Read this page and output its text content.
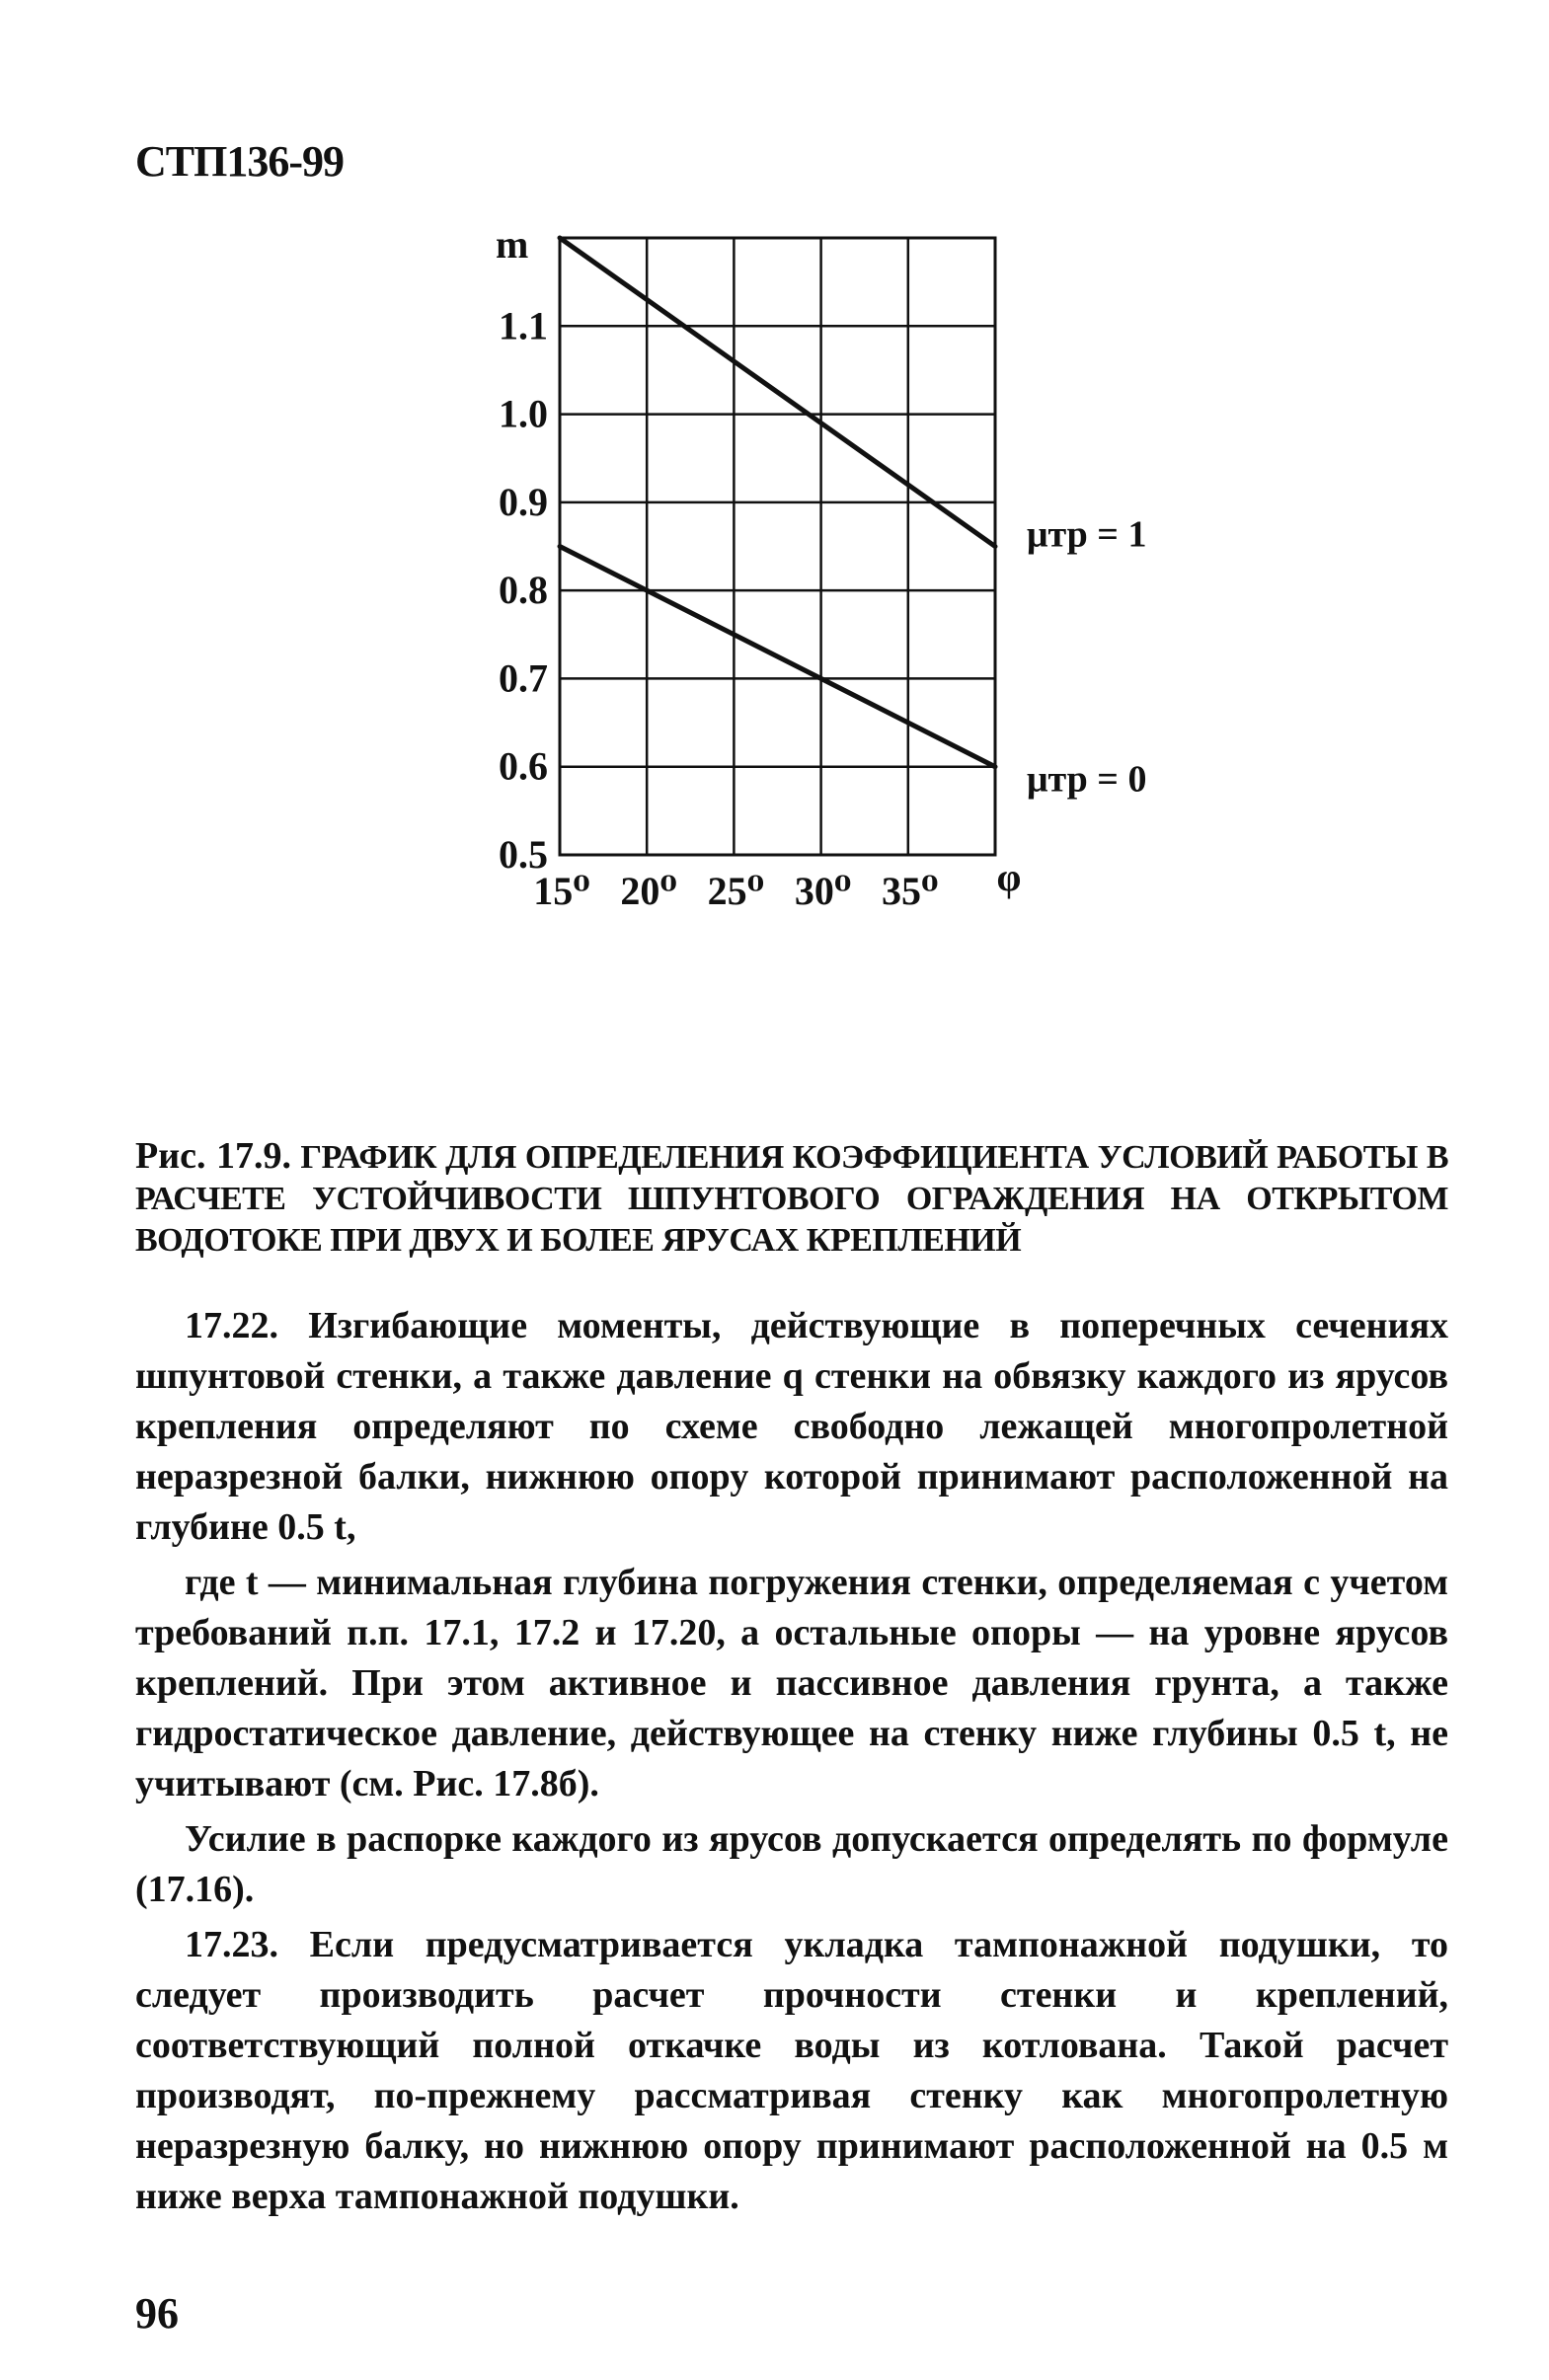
СТП136-99
1.1
1.0
0.9
0.8
0.7
0.6
0.5
m
15⁰ 20⁰ 25⁰ 30⁰ 35⁰ φ
μтр = 1
μтр = 0
Рис. 17.9. ГРАФИК ДЛЯ ОПРЕДЕЛЕНИЯ КОЭФФИЦИЕНТА УСЛОВИЙ РАБОТЫ В РАСЧЕТЕ УСТОЙЧИВОСТИ ШПУНТОВОГО ОГРАЖДЕНИЯ НА ОТКРЫТОМ ВОДОТОКЕ ПРИ ДВУХ И БОЛЕЕ ЯРУСАХ КРЕПЛЕНИЙ

17.22. Изгибающие моменты, действующие в поперечных сечениях шпунтовой стенки, а также давление q стенки на обвязку каждого из ярусов крепления определяют по схеме свободно лежащей многопролетной неразрезной балки, нижнюю опору которой принимают расположенной на глубине 0.5 t,

где t — минимальная глубина погружения стенки, определяемая с учетом требований п.п. 17.1, 17.2 и 17.20, а остальные опоры — на уровне ярусов креплений. При этом активное и пассивное давления грунта, а также гидростатическое давление, действующее на стенку ниже глубины 0.5 t, не учитывают (см. Рис. 17.8б).

Усилие в распорке каждого из ярусов допускается определять по формуле (17.16).

17.23. Если предусматривается укладка тампонажной подушки, то следует производить расчет прочности стенки и креплений, соответствующий полной откачке воды из котлована. Такой расчет производят, по-прежнему рассматривая стенку как многопролетную неразрезную балку, но нижнюю опору принимают расположенной на 0.5 м ниже верха тампонажной подушки.

96
